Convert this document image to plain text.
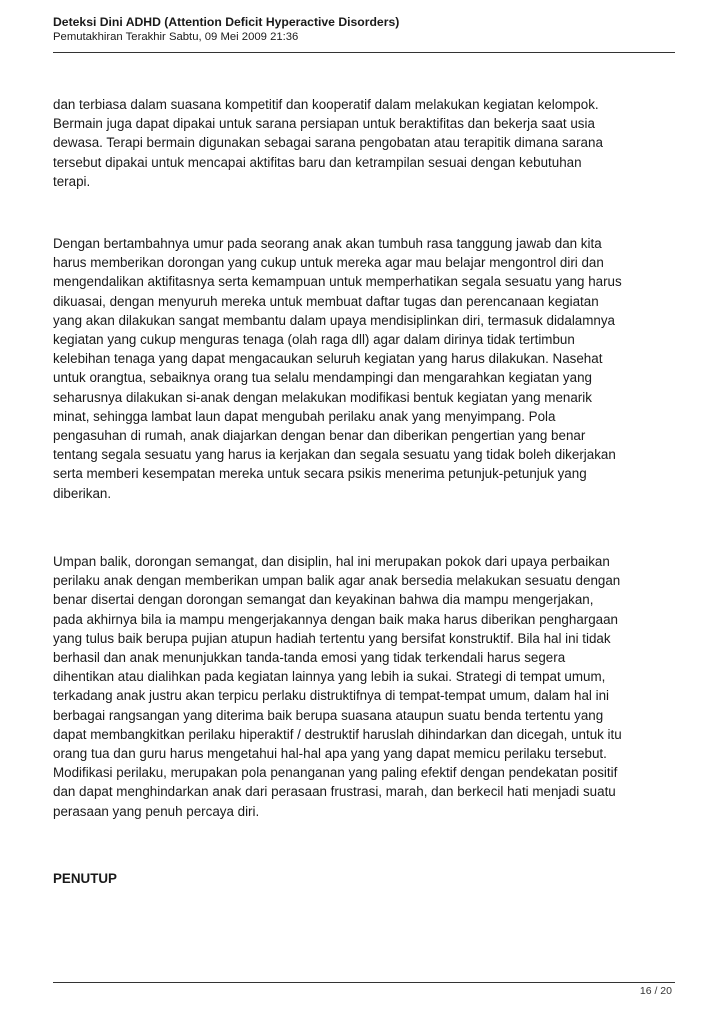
Deteksi Dini ADHD (Attention Deficit Hyperactive Disorders)
Pemutakhiran Terakhir Sabtu, 09 Mei 2009 21:36

dan terbiasa dalam suasana kompetitif dan kooperatif dalam melakukan kegiatan kelompok.
Bermain juga dapat dipakai untuk sarana persiapan untuk beraktifitas dan bekerja saat usia
dewasa. Terapi bermain digunakan sebagai sarana pengobatan atau terapitik dimana sarana
tersebut dipakai untuk mencapai aktifitas baru dan ketrampilan sesuai dengan kebutuhan
terapi.

Dengan bertambahnya umur pada seorang anak akan tumbuh rasa tanggung jawab dan kita
harus memberikan dorongan yang cukup untuk mereka agar mau belajar mengontrol diri dan
mengendalikan aktifitasnya serta kemampuan untuk memperhatikan segala sesuatu yang harus
dikuasai, dengan menyuruh mereka untuk membuat daftar tugas dan perencanaan kegiatan
yang akan dilakukan sangat membantu dalam upaya mendisiplinkan diri, termasuk didalamnya
kegiatan yang cukup menguras tenaga (olah raga dll) agar dalam dirinya tidak tertimbun
kelebihan tenaga yang dapat mengacaukan seluruh kegiatan yang harus dilakukan. Nasehat
untuk orangtua, sebaiknya orang tua selalu mendampingi dan mengarahkan kegiatan yang
seharusnya dilakukan si-anak dengan melakukan modifikasi bentuk kegiatan yang menarik
minat, sehingga lambat laun dapat mengubah perilaku anak yang menyimpang. Pola
pengasuhan di rumah, anak diajarkan dengan benar dan diberikan pengertian yang benar
tentang segala sesuatu yang harus ia kerjakan dan segala sesuatu yang tidak boleh dikerjakan
serta memberi kesempatan mereka untuk secara psikis menerima petunjuk-petunjuk yang
diberikan.

Umpan balik, dorongan semangat, dan disiplin, hal ini merupakan pokok dari upaya perbaikan
perilaku anak dengan memberikan umpan balik agar anak bersedia melakukan sesuatu dengan
benar disertai dengan dorongan semangat dan keyakinan bahwa dia mampu mengerjakan,
pada akhirnya bila ia mampu mengerjakannya dengan baik maka harus diberikan penghargaan
yang tulus baik berupa pujian atupun hadiah tertentu yang bersifat konstruktif. Bila hal ini tidak
berhasil dan anak menunjukkan tanda-tanda emosi yang tidak terkendali harus segera
dihentikan atau dialihkan pada kegiatan lainnya yang lebih ia sukai. Strategi di tempat umum,
terkadang anak justru akan terpicu perlaku distruktifnya di tempat-tempat umum, dalam hal ini
berbagai rangsangan yang diterima baik berupa suasana ataupun suatu benda tertentu yang
dapat membangkitkan perilaku hiperaktif / destruktif haruslah dihindarkan dan dicegah, untuk itu
orang tua dan guru harus mengetahui hal-hal apa yang yang dapat memicu perilaku tersebut.
Modifikasi perilaku, merupakan pola penanganan yang paling efektif dengan pendekatan positif
dan dapat menghindarkan anak dari perasaan frustrasi, marah, dan berkecil hati menjadi suatu
perasaan yang penuh percaya diri.

PENUTUP
16 / 20
